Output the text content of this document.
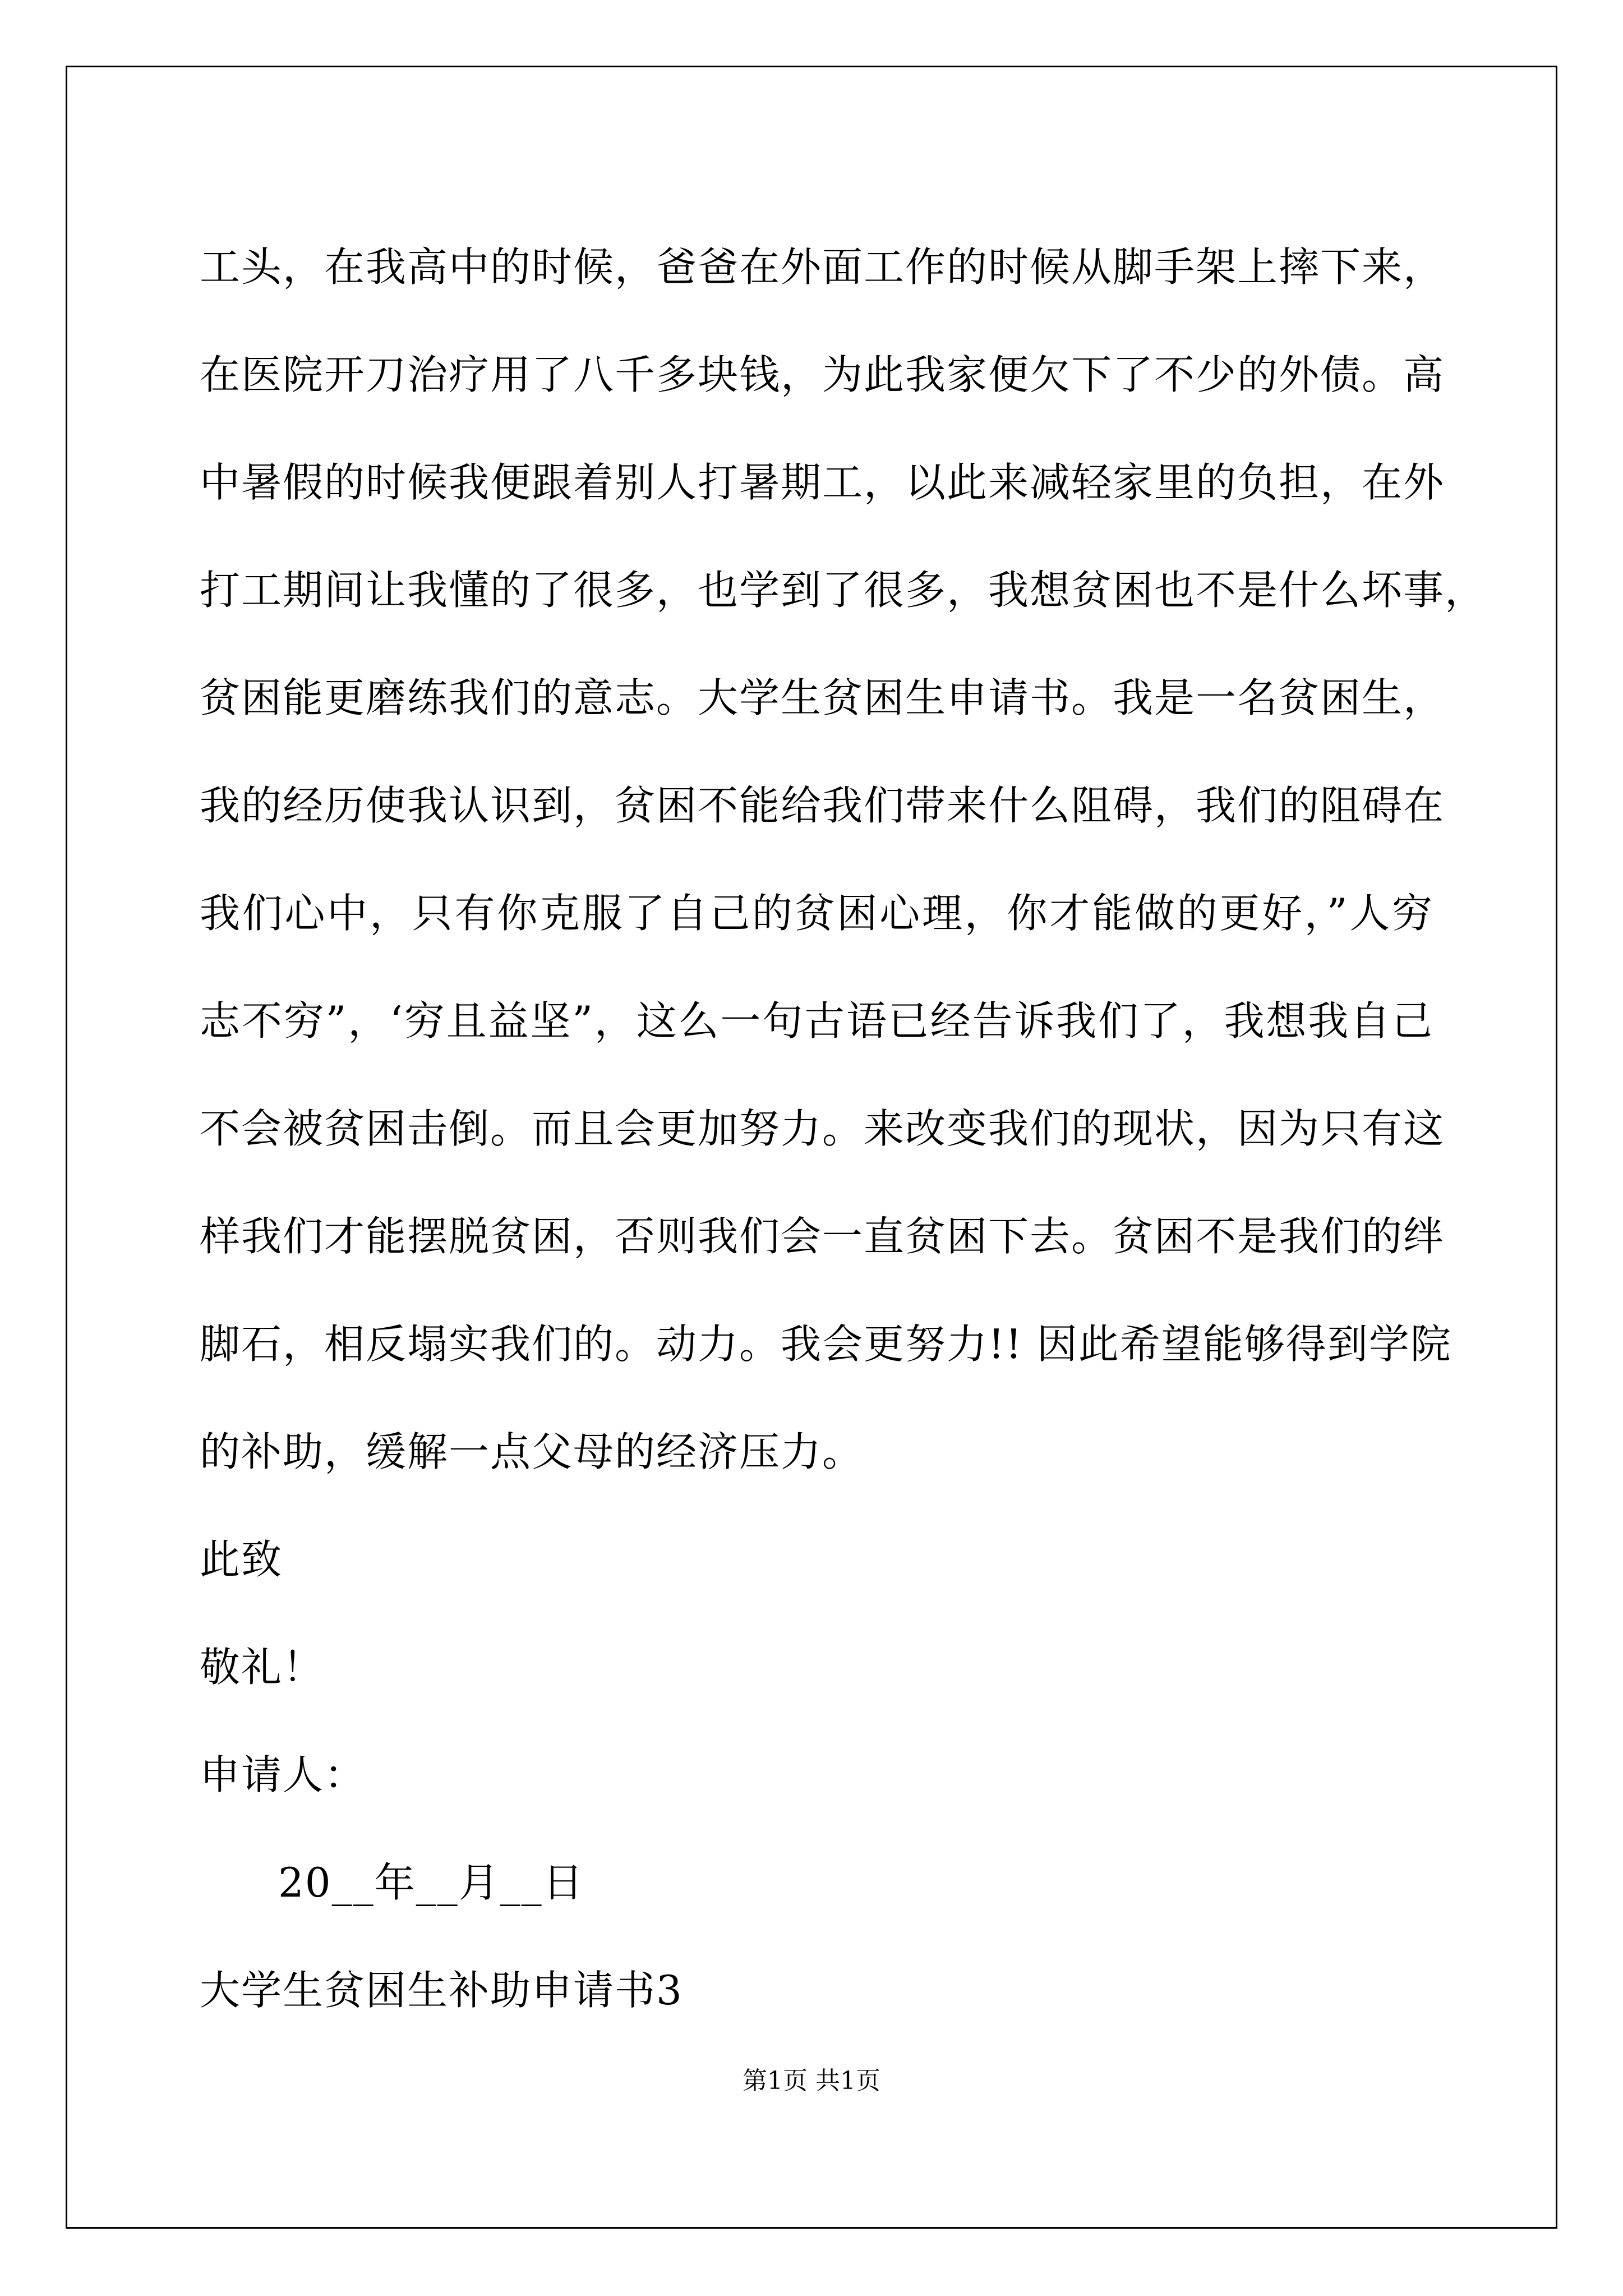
工头，在我高中的时候，爸爸在外面工作的时候从脚手架上摔下来，
在医院开刀治疗用了八千多块钱，为此我家便欠下了不少的外债。高
中暑假的时候我便跟着别人打暑期工，以此来减轻家里的负担，在外
打工期间让我懂的了很多，也学到了很多，我想贫困也不是什么坏事，
贫困能更磨练我们的意志。大学生贫困生申请书。我是一名贫困生，
我的经历使我认识到，贫困不能给我们带来什么阻碍，我们的阻碍在
我们心中，只有你克服了自己的贫困心理，你才能做的更好，”人穷
志不穷”，‘穷且益坚”，这么一句古语已经告诉我们了，我想我自己
不会被贫困击倒。而且会更加努力。来改变我们的现状，因为只有这
样我们才能摆脱贫困，否则我们会一直贫困下去。贫困不是我们的绊
脚石，相反塌实我们的。动力。我会更努力!! 因此希望能够得到学院
的补助，缓解一点父母的经济压力。
此致
敬礼！
申请人：
20__年__月__日
大学生贫困生补助申请书3
第1页 共1页
